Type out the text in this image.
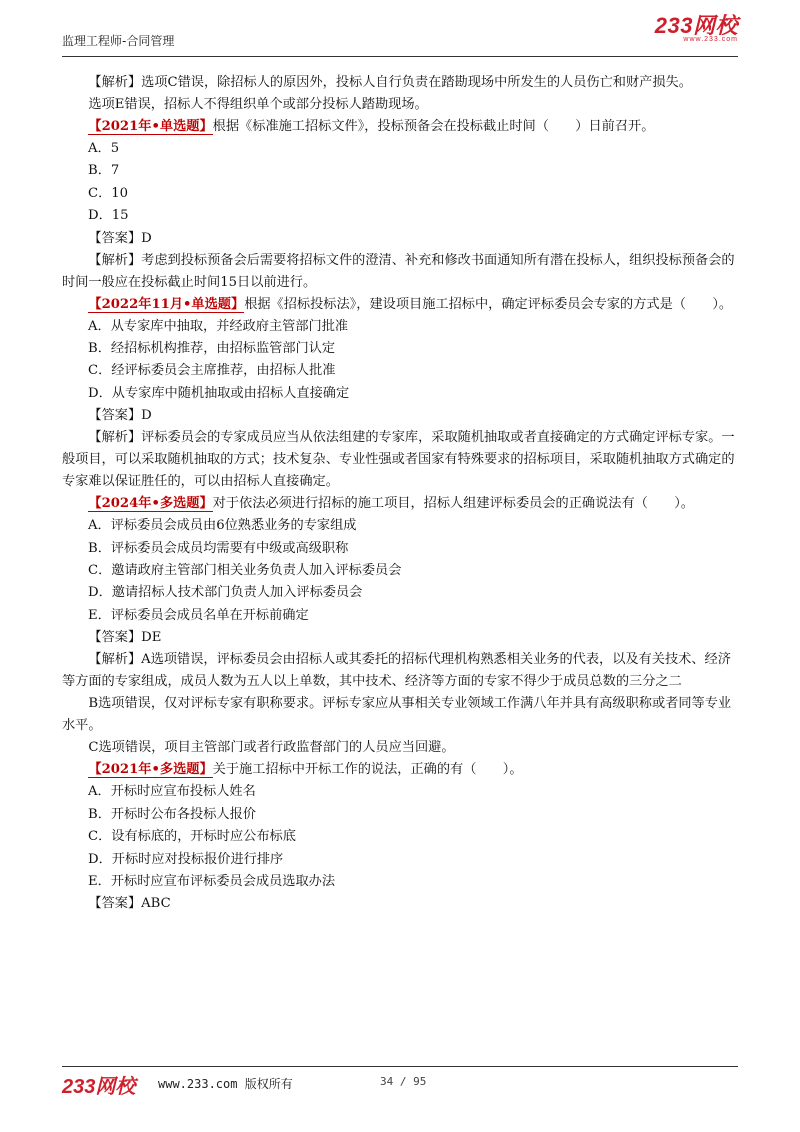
监理工程师-合同管理
233网校
www.233.com

【解析】选项C错误，除招标人的原因外，投标人自行负责在踏勘现场中所发生的人员伤亡和财产损失。

选项E错误，招标人不得组织单个或部分投标人踏勘现场。

【2021年•单选题】根据《标准施工招标文件》，投标预备会在投标截止时间（　　）日前召开。

A．5

B．7

C．10

D．15

【答案】D

【解析】考虑到投标预备会后需要将招标文件的澄清、补充和修改书面通知所有潜在投标人，组织投标预备会的时间一般应在投标截止时间15日以前进行。

【2022年11月•单选题】根据《招标投标法》，建设项目施工招标中，确定评标委员会专家的方式是（　　）。

A．从专家库中抽取，并经政府主管部门批准

B．经招标机构推荐，由招标监管部门认定

C．经评标委员会主席推荐，由招标人批准

D．从专家库中随机抽取或由招标人直接确定

【答案】D

【解析】评标委员会的专家成员应当从依法组建的专家库，采取随机抽取或者直接确定的方式确定评标专家。一般项目，可以采取随机抽取的方式；技术复杂、专业性强或者国家有特殊要求的招标项目，采取随机抽取方式确定的专家难以保证胜任的，可以由招标人直接确定。

【2024年•多选题】对于依法必须进行招标的施工项目，招标人组建评标委员会的正确说法有（　　）。

A．评标委员会成员由6位熟悉业务的专家组成

B．评标委员会成员均需要有中级或高级职称

C．邀请政府主管部门相关业务负责人加入评标委员会

D．邀请招标人技术部门负责人加入评标委员会

E．评标委员会成员名单在开标前确定

【答案】DE

【解析】A选项错误，评标委员会由招标人或其委托的招标代理机构熟悉相关业务的代表，以及有关技术、经济等方面的专家组成，成员人数为五人以上单数，其中技术、经济等方面的专家不得少于成员总数的三分之二

B选项错误，仅对评标专家有职称要求。评标专家应从事相关专业领域工作满八年并具有高级职称或者同等专业水平。

C选项错误，项目主管部门或者行政监督部门的人员应当回避。

【2021年•多选题】关于施工招标中开标工作的说法，正确的有（　　）。

A．开标时应宣布投标人姓名

B．开标时公布各投标人报价

C．设有标底的，开标时应公布标底

D．开标时应对投标报价进行排序

E．开标时应宣布评标委员会成员选取办法

【答案】ABC

233网校 www.233.com 版权所有	34 / 95
